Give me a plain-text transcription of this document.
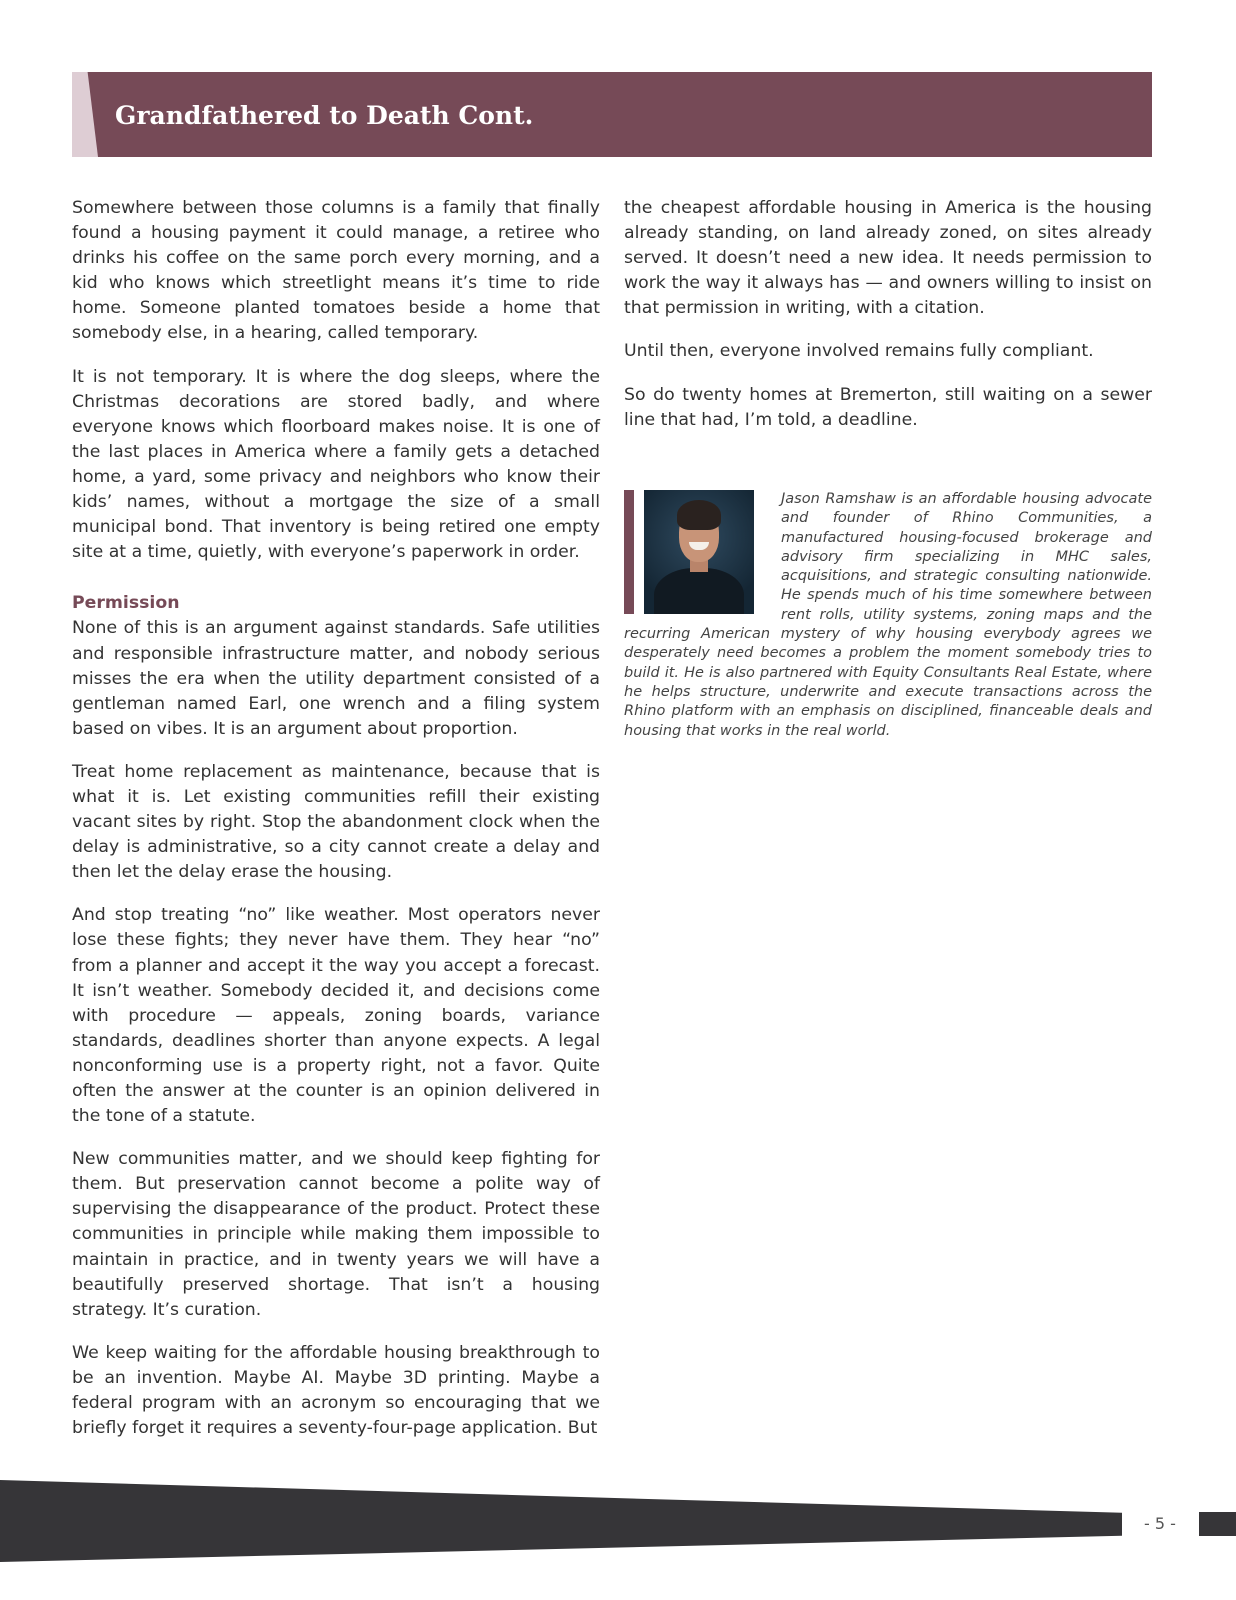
Grandfathered to Death Cont.

Somewhere between those columns is a family that finally found a housing payment it could manage, a retiree who drinks his coffee on the same porch every morning, and a kid who knows which streetlight means it’s time to ride home. Someone planted tomatoes beside a home that somebody else, in a hearing, called temporary.

It is not temporary. It is where the dog sleeps, where the Christmas decorations are stored badly, and where everyone knows which floorboard makes noise. It is one of the last places in America where a family gets a detached home, a yard, some privacy and neighbors who know their kids’ names, without a mortgage the size of a small municipal bond. That inventory is being retired one empty site at a time, quietly, with everyone’s paperwork in order.

Permission

None of this is an argument against standards. Safe utilities and responsible infrastructure matter, and nobody serious misses the era when the utility department consisted of a gentleman named Earl, one wrench and a filing system based on vibes. It is an argument about proportion.

Treat home replacement as maintenance, because that is what it is. Let existing communities refill their existing vacant sites by right. Stop the abandonment clock when the delay is administrative, so a city cannot create a delay and then let the delay erase the housing.

And stop treating “no” like weather. Most operators never lose these fights; they never have them. They hear “no” from a planner and accept it the way you accept a forecast. It isn’t weather. Somebody decided it, and decisions come with procedure — appeals, zoning boards, variance standards, deadlines shorter than anyone expects. A legal nonconforming use is a property right, not a favor. Quite often the answer at the counter is an opinion delivered in the tone of a statute.

New communities matter, and we should keep fighting for them. But preservation cannot become a polite way of supervising the disappearance of the product. Protect these communities in principle while making them impossible to maintain in practice, and in twenty years we will have a beautifully preserved shortage. That isn’t a housing strategy. It’s curation.

We keep waiting for the affordable housing breakthrough to be an invention. Maybe AI. Maybe 3D printing. Maybe a federal program with an acronym so encouraging that we briefly forget it requires a seventy-four-page application. But

the cheapest affordable housing in America is the housing already standing, on land already zoned, on sites already served. It doesn’t need a new idea. It needs permission to work the way it always has — and owners willing to insist on that permission in writing, with a citation.

Until then, everyone involved remains fully compliant.

So do twenty homes at Bremerton, still waiting on a sewer line that had, I’m told, a deadline.

Jason Ramshaw is an affordable housing advocate and founder of Rhino Communities, a manufactured housing-focused brokerage and advisory firm specializing in MHC sales, acquisitions, and strategic consulting nationwide. He spends much of his time somewhere between rent rolls, utility systems, zoning maps and the recurring American mystery of why housing everybody agrees we desperately need becomes a problem the moment somebody tries to build it. He is also partnered with Equity Consultants Real Estate, where he helps structure, underwrite and execute transactions across the Rhino platform with an emphasis on disciplined, financeable deals and housing that works in the real world.
- 5 -
